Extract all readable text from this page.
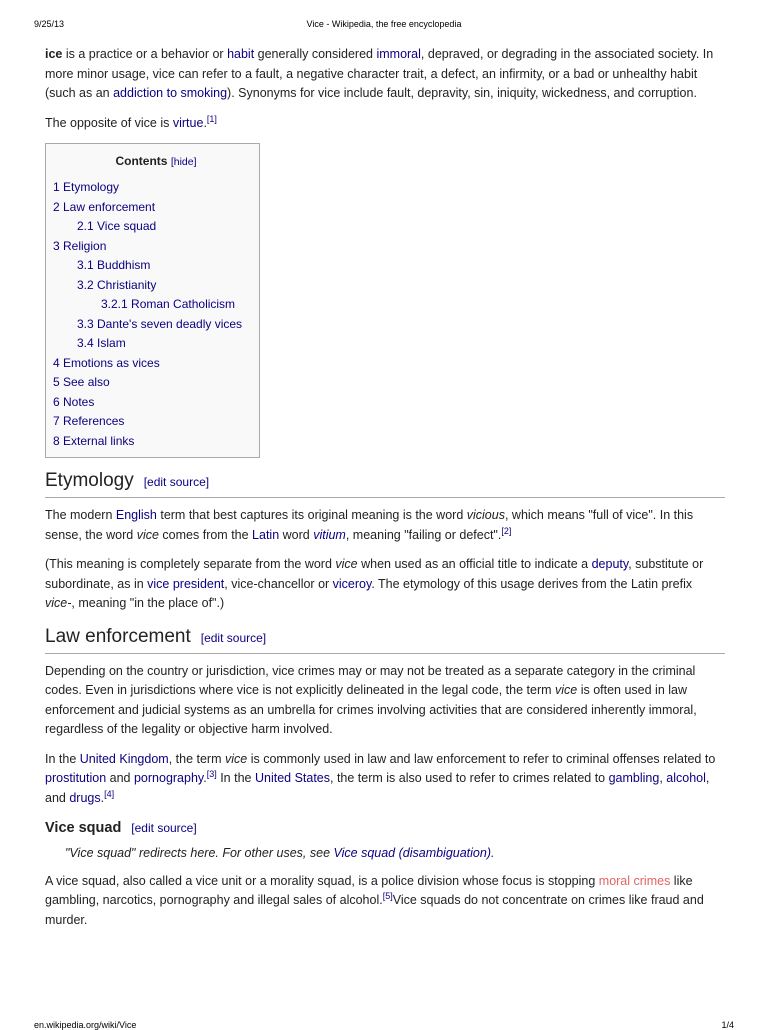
9/25/13	Vice - Wikipedia, the free encyclopedia

ice is a practice or a behavior or habit generally considered immoral, depraved, or degrading in the associated society. In more minor usage, vice can refer to a fault, a negative character trait, a defect, an infirmity, or a bad or unhealthy habit (such as an addiction to smoking). Synonyms for vice include fault, depravity, sin, iniquity, wickedness, and corruption.

The opposite of vice is virtue.[1]

Contents [hide]
1 Etymology
2 Law enforcement
2.1 Vice squad
3 Religion
3.1 Buddhism
3.2 Christianity
3.2.1 Roman Catholicism
3.3 Dante's seven deadly vices
3.4 Islam
4 Emotions as vices
5 See also
6 Notes
7 References
8 External links
Etymology [edit source]

The modern English term that best captures its original meaning is the word vicious, which means "full of vice". In this sense, the word vice comes from the Latin word vitium, meaning "failing or defect".[2]

(This meaning is completely separate from the word vice when used as an official title to indicate a deputy, substitute or subordinate, as in vice president, vice-chancellor or viceroy. The etymology of this usage derives from the Latin prefix vice-, meaning "in the place of".)

Law enforcement [edit source]

Depending on the country or jurisdiction, vice crimes may or may not be treated as a separate category in the criminal codes. Even in jurisdictions where vice is not explicitly delineated in the legal code, the term vice is often used in law enforcement and judicial systems as an umbrella for crimes involving activities that are considered inherently immoral, regardless of the legality or objective harm involved.

In the United Kingdom, the term vice is commonly used in law and law enforcement to refer to criminal offenses related to prostitution and pornography.[3] In the United States, the term is also used to refer to crimes related to gambling, alcohol, and drugs.[4]

Vice squad [edit source]

"Vice squad" redirects here. For other uses, see Vice squad (disambiguation).

A vice squad, also called a vice unit or a morality squad, is a police division whose focus is stopping moral crimes like gambling, narcotics, pornography and illegal sales of alcohol.[5]Vice squads do not concentrate on crimes like fraud and murder.

en.wikipedia.org/wiki/Vice	1/4
